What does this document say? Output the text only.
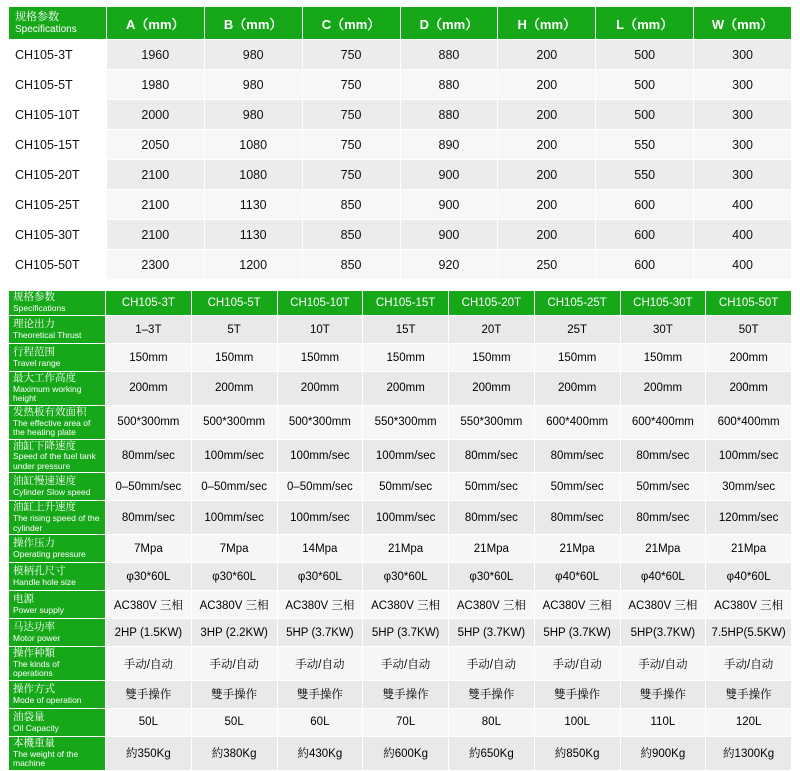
规格参数
Specifications	A（mm）	B（mm）	C（mm）	D（mm）	H（mm）	L（mm）	W（mm）
CH105-3T	1960	980	750	880	200	500	300
CH105-5T	1980	980	750	880	200	500	300
CH105-10T	2000	980	750	880	200	500	300
CH105-15T	2050	1080	750	890	200	550	300
CH105-20T	2100	1080	750	900	200	550	300
CH105-25T	2100	1130	850	900	200	600	400
CH105-30T	2100	1130	850	900	200	600	400
CH105-50T	2300	1200	850	920	250	600	400
规格参数
Specifications	CH105-3T	CH105-5T	CH105-10T	CH105-15T	CH105-20T	CH105-25T	CH105-30T	CH105-50T

理论出力
Theoretical Thrust	1–3T	5T	10T	15T	20T	25T	30T	50T

行程范围
Travel range	150mm	150mm	150mm	150mm	150mm	150mm	150mm	200mm

最大工作高度
Maximum working height	200mm	200mm	200mm	200mm	200mm	200mm	200mm	200mm

发热板有效面积
The effective area of the heating plate	500*300mm	500*300mm	500*300mm	550*300mm	550*300mm	600*400mm	600*400mm	600*400mm

油缸下降速度
Speed of the fuel tank under pressure	80mm/sec	100mm/sec	100mm/sec	100mm/sec	80mm/sec	80mm/sec	80mm/sec	100mm/sec

油缸慢速速度
Cylinder Slow speed	0–50mm/sec	0–50mm/sec	0–50mm/sec	50mm/sec	50mm/sec	50mm/sec	50mm/sec	30mm/sec

油缸上升速度
The rising speed of the cylinder	80mm/sec	100mm/sec	100mm/sec	100mm/sec	80mm/sec	80mm/sec	80mm/sec	120mm/sec

操作压力
Operating pressure	7Mpa	7Mpa	14Mpa	21Mpa	21Mpa	21Mpa	21Mpa	21Mpa

模柄孔尺寸
Handle hole size	φ30*60L	φ30*60L	φ30*60L	φ30*60L	φ30*60L	φ40*60L	φ40*60L	φ40*60L

电源
Power supply	AC380V 三相	AC380V 三相	AC380V 三相	AC380V 三相	AC380V 三相	AC380V 三相	AC380V 三相	AC380V 三相

马达功率
Motor power	2HP (1.5KW)	3HP (2.2KW)	5HP (3.7KW)	5HP (3.7KW)	5HP (3.7KW)	5HP (3.7KW)	5HP(3.7KW)	7.5HP(5.5KW)

操作种類
The kinds of operations	手动/自动	手动/自动	手动/自动	手动/自动	手动/自动	手动/自动	手动/自动	手动/自动

操作方式
Mode of operation	雙手操作	雙手操作	雙手操作	雙手操作	雙手操作	雙手操作	雙手操作	雙手操作

油袋量
Oil Capacity	50L	50L	60L	70L	80L	100L	110L	120L

本機重量
The weight of the machine	約350Kg	約380Kg	約430Kg	約600Kg	約650Kg	約850Kg	約900Kg	約1300Kg
